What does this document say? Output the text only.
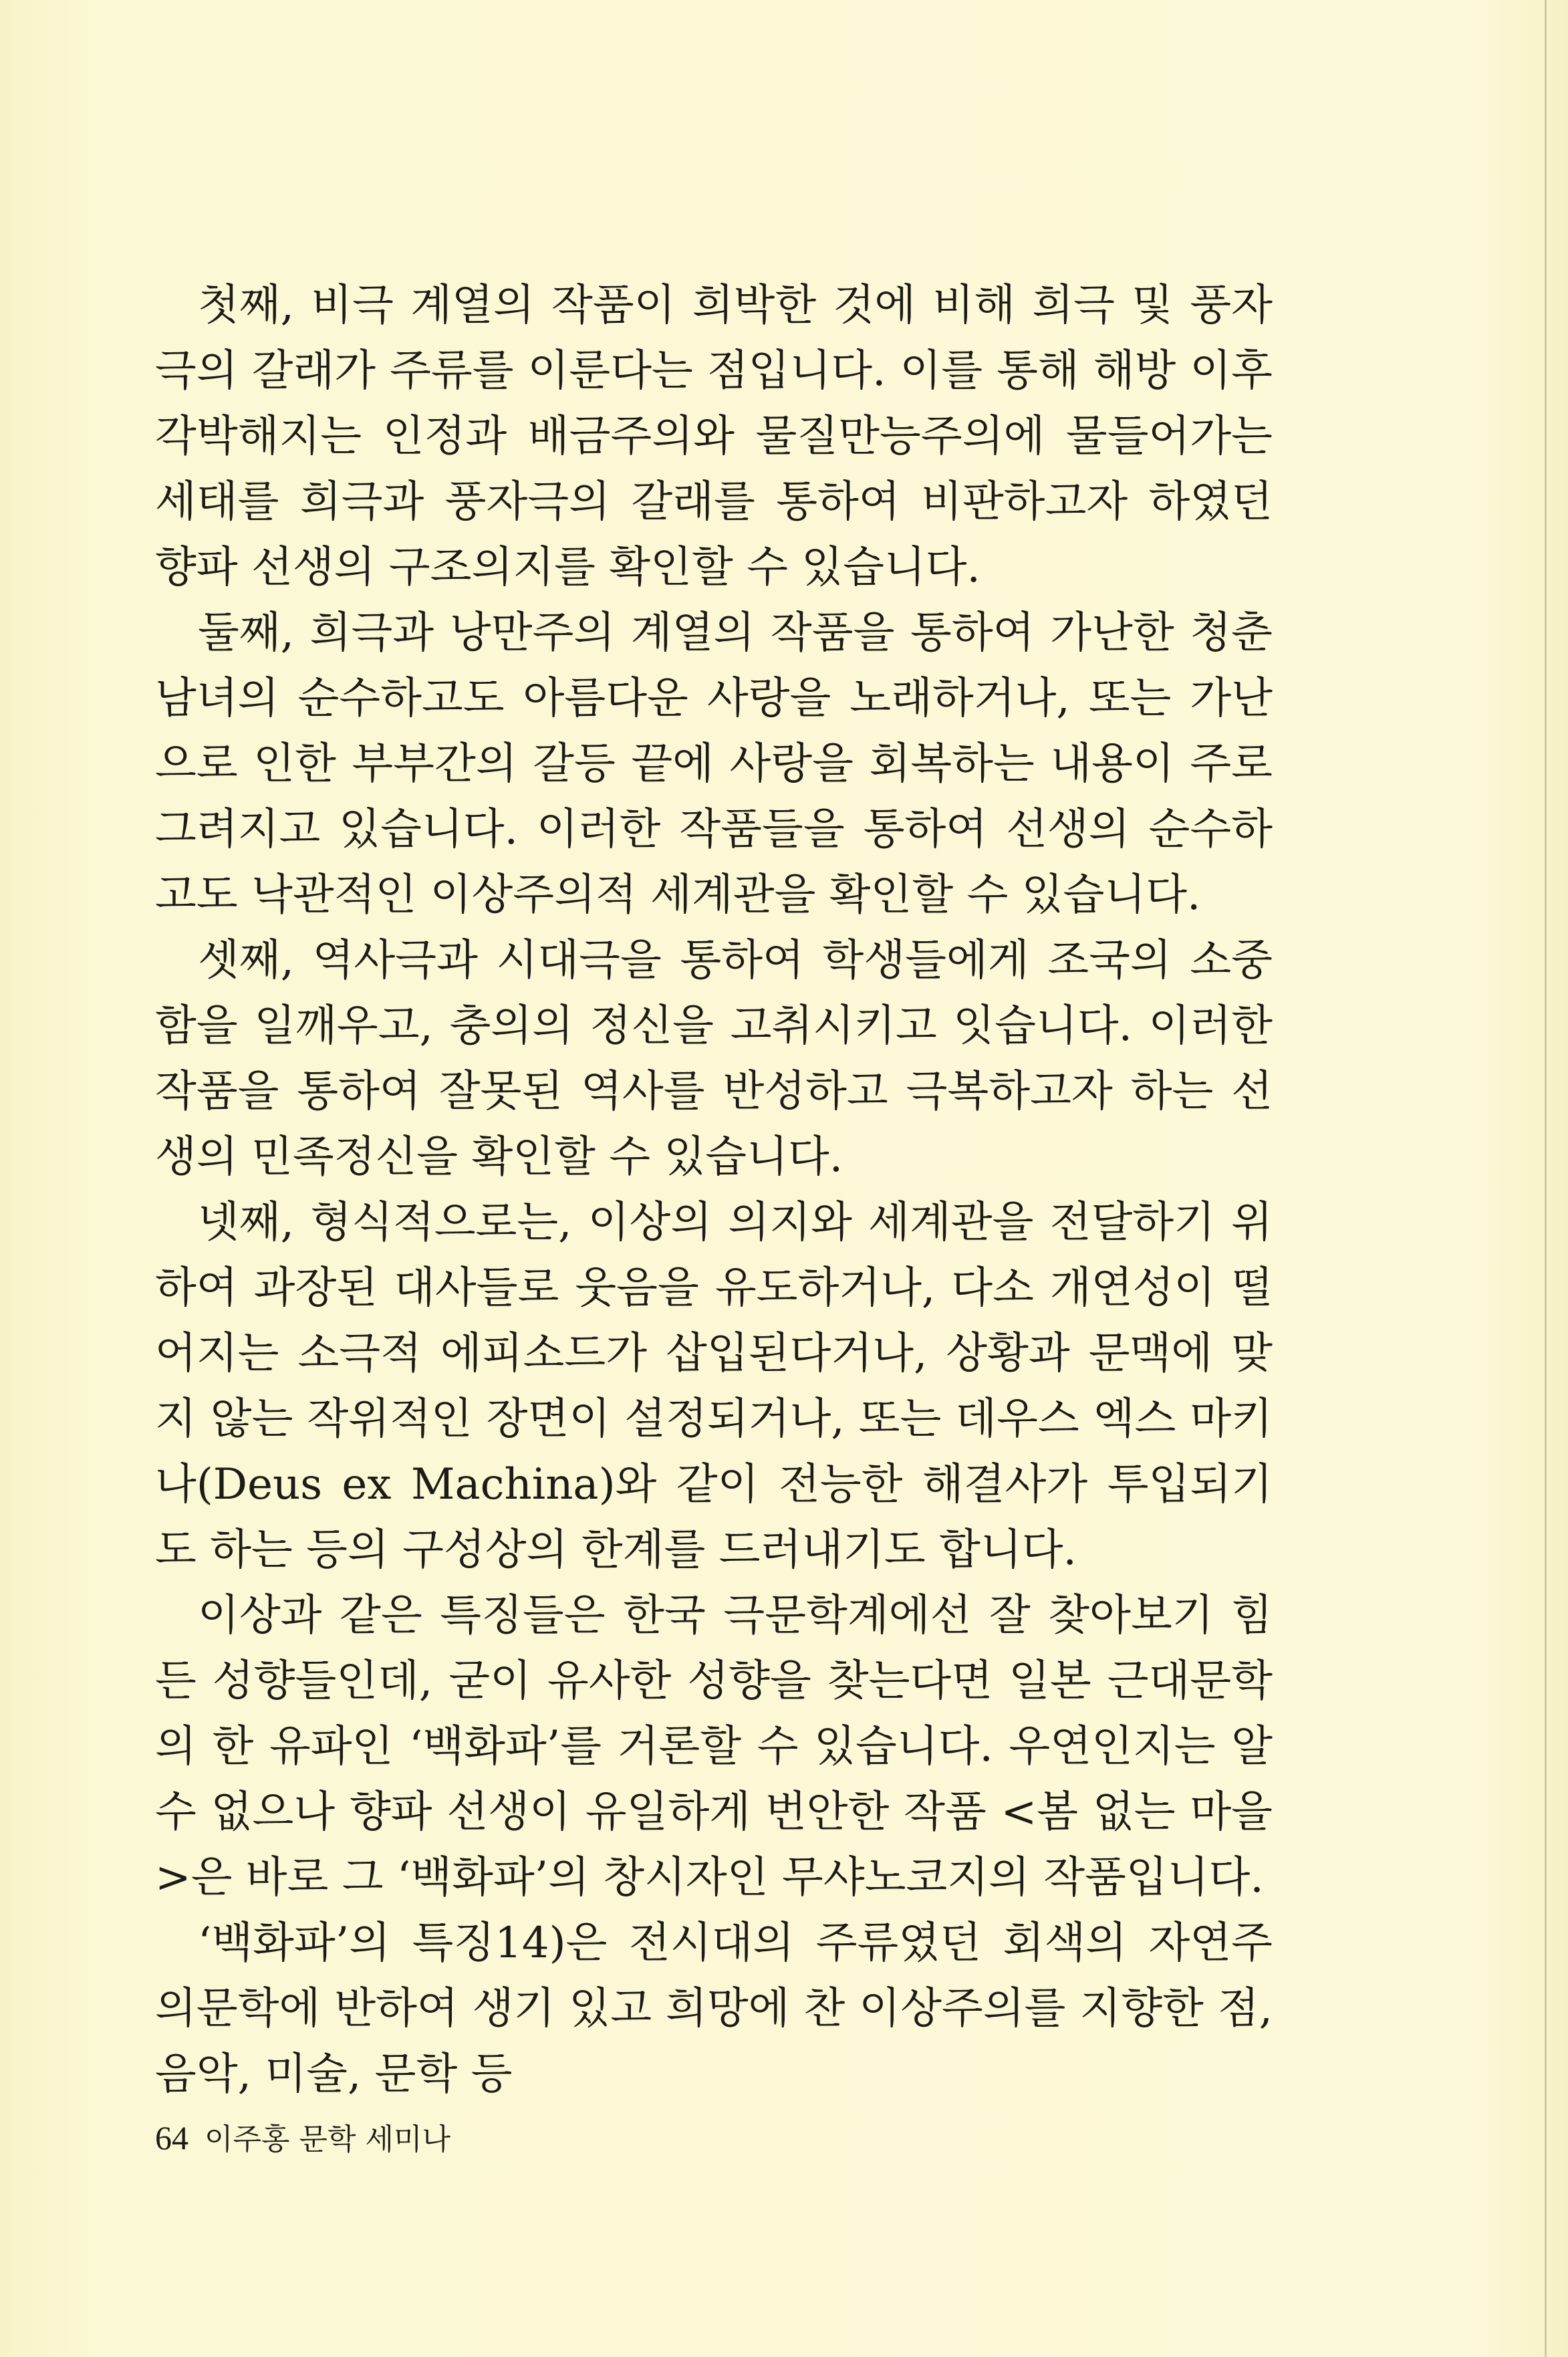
첫째, 비극 계열의 작품이 희박한 것에 비해 희극 및 풍자극의 갈래가 주류를 이룬다는 점입니다. 이를 통해 해방 이후 각박해지는 인정과 배금주의와 물질만능주의에 물들어가는 세태를 희극과 풍자극의 갈래를 통하여 비판하고자 하였던 향파 선생의 구조의지를 확인할 수 있습니다.

둘째, 희극과 낭만주의 계열의 작품을 통하여 가난한 청춘남녀의 순수하고도 아름다운 사랑을 노래하거나, 또는 가난으로 인한 부부간의 갈등 끝에 사랑을 회복하는 내용이 주로 그려지고 있습니다. 이러한 작품들을 통하여 선생의 순수하고도 낙관적인 이상주의적 세계관을 확인할 수 있습니다.

셋째, 역사극과 시대극을 통하여 학생들에게 조국의 소중함을 일깨우고, 충의의 정신을 고취시키고 잇습니다. 이러한 작품을 통하여 잘못된 역사를 반성하고 극복하고자 하는 선생의 민족정신을 확인할 수 있습니다.

넷째, 형식적으로는, 이상의 의지와 세계관을 전달하기 위하여 과장된 대사들로 웃음을 유도하거나, 다소 개연성이 떨어지는 소극적 에피소드가 삽입된다거나, 상황과 문맥에 맞지 않는 작위적인 장면이 설정되거나, 또는 데우스 엑스 마키나(Deus ex Machina)와 같이 전능한 해결사가 투입되기도 하는 등의 구성상의 한계를 드러내기도 합니다.

이상과 같은 특징들은 한국 극문학계에선 잘 찾아보기 힘든 성향들인데, 굳이 유사한 성향을 찾는다면 일본 근대문학의 한 유파인 ‘백화파’를 거론할 수 있습니다. 우연인지는 알 수 없으나 향파 선생이 유일하게 번안한 작품 <봄 없는 마을>은 바로 그 ‘백화파’의 창시자인 무샤노코지의 작품입니다.

‘백화파’의 특징14)은 전시대의 주류였던 회색의 자연주의문학에 반하여 생기 있고 희망에 찬 이상주의를 지향한 점, 음악, 미술, 문학 등

64 이주홍 문학 세미나
